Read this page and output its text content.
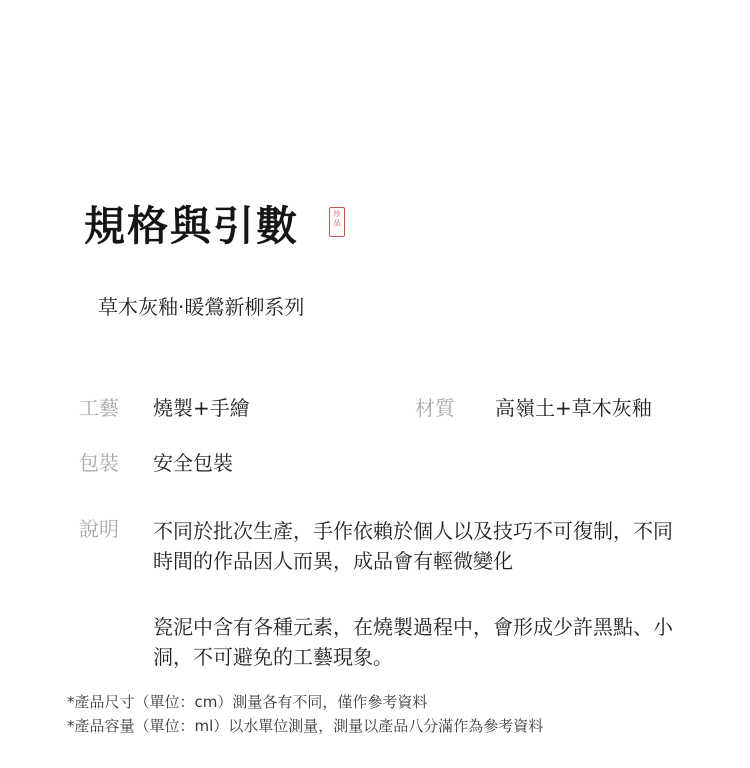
規格與引數	珍
品
草木灰釉·暖鶯新柳系列
工藝 燒製+手繪	材質 高嶺土+草木灰釉
包裝 安全包裝
說明 不同於批次生產，手作依賴於個人以及技巧不可復制，不同時間的作品因人而異，成品會有輕微變化

瓷泥中含有各種元素，在燒製過程中，會形成少許黑點、小洞，不可避免的工藝現象。

*產品尺寸（單位：cm）測量各有不同，僅作參考資料

*產品容量（單位：ml）以水單位測量，測量以產品八分滿作為參考資料
